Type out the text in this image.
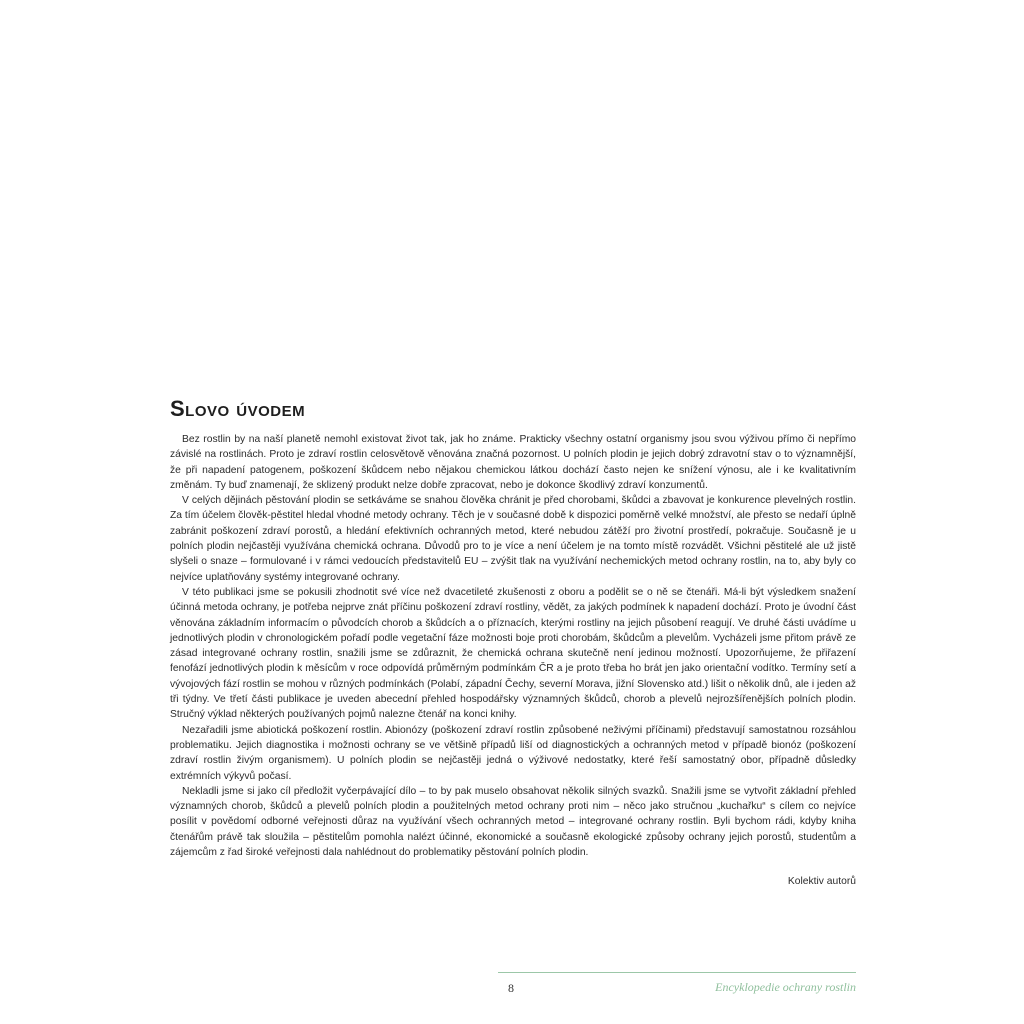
Slovo úvodem

Bez rostlin by na naší planetě nemohl existovat život tak, jak ho známe. Prakticky všechny ostatní organismy jsou svou výživou přímo či nepřímo závislé na rostlinách. Proto je zdraví rostlin celosvětově věnována značná pozornost. U polních plodin je jejich dobrý zdravotní stav o to významnější, že při napadení patogenem, poškození škůdcem nebo nějakou chemickou látkou dochází často nejen ke snížení výnosu, ale i ke kvalitativním změnám. Ty buď znamenají, že sklizený produkt nelze dobře zpracovat, nebo je dokonce škodlivý zdraví konzumentů.

V celých dějinách pěstování plodin se setkáváme se snahou člověka chránit je před chorobami, škůdci a zbavovat je konkurence plevelných rostlin. Za tím účelem člověk-pěstitel hledal vhodné metody ochrany. Těch je v současné době k dispozici poměrně velké množství, ale přesto se nedaří úplně zabránit poškození zdraví porostů, a hledání efektivních ochranných metod, které nebudou zátěží pro životní prostředí, pokračuje. Současně je u polních plodin nejčastěji využívána chemická ochrana. Důvodů pro to je více a není účelem je na tomto místě rozvádět. Všichni pěstitelé ale už jistě slyšeli o snaze – formulované i v rámci vedoucích představitelů EU – zvýšit tlak na využívání nechemických metod ochrany rostlin, na to, aby byly co nejvíce uplatňovány systémy integrované ochrany.

V této publikaci jsme se pokusili zhodnotit své více než dvacetileté zkušenosti z oboru a podělit se o ně se čtenáři. Má-li být výsledkem snažení účinná metoda ochrany, je potřeba nejprve znát příčinu poškození zdraví rostliny, vědět, za jakých podmínek k napadení dochází. Proto je úvodní část věnována základním informacím o původcích chorob a škůdcích a o příznacích, kterými rostliny na jejich působení reagují. Ve druhé části uvádíme u jednotlivých plodin v chronologickém pořadí podle vegetační fáze možnosti boje proti chorobám, škůdcům a plevelům. Vycházeli jsme přitom právě ze zásad integrované ochrany rostlin, snažili jsme se zdůraznit, že chemická ochrana skutečně není jedinou možností. Upozorňujeme, že přiřazení fenofází jednotlivých plodin k měsícům v roce odpovídá průměrným podmínkám ČR a je proto třeba ho brát jen jako orientační vodítko. Termíny setí a vývojových fází rostlin se mohou v různých podmínkách (Polabí, západní Čechy, severní Morava, jižní Slovensko atd.) lišit o několik dnů, ale i jeden až tři týdny. Ve třetí části publikace je uveden abecední přehled hospodářsky významných škůdců, chorob a plevelů nejrozšířenějších polních plodin. Stručný výklad některých používaných pojmů nalezne čtenář na konci knihy.

Nezařadili jsme abiotická poškození rostlin. Abionózy (poškození zdraví rostlin způsobené neživými příčinami) představují samostatnou rozsáhlou problematiku. Jejich diagnostika i možnosti ochrany se ve většině případů liší od diagnostických a ochranných metod v případě bionóz (poškození zdraví rostlin živým organismem). U polních plodin se nejčastěji jedná o výživové nedostatky, které řeší samostatný obor, případně důsledky extrémních výkyvů počasí.

Nekladli jsme si jako cíl předložit vyčerpávající dílo – to by pak muselo obsahovat několik silných svazků. Snažili jsme se vytvořit základní přehled významných chorob, škůdců a plevelů polních plodin a použitelných metod ochrany proti nim – něco jako stručnou „kuchařku“ s cílem co nejvíce posílit v povědomí odborné veřejnosti důraz na využívání všech ochranných metod – integrované ochrany rostlin. Byli bychom rádi, kdyby kniha čtenářům právě tak sloužila – pěstitelům pomohla nalézt účinné, ekonomické a současně ekologické způsoby ochrany jejich porostů, studentům a zájemcům z řad široké veřejnosti dala nahlédnout do problematiky pěstování polních plodin.

Kolektiv autorů

8	Encyklopedie ochrany rostlin
